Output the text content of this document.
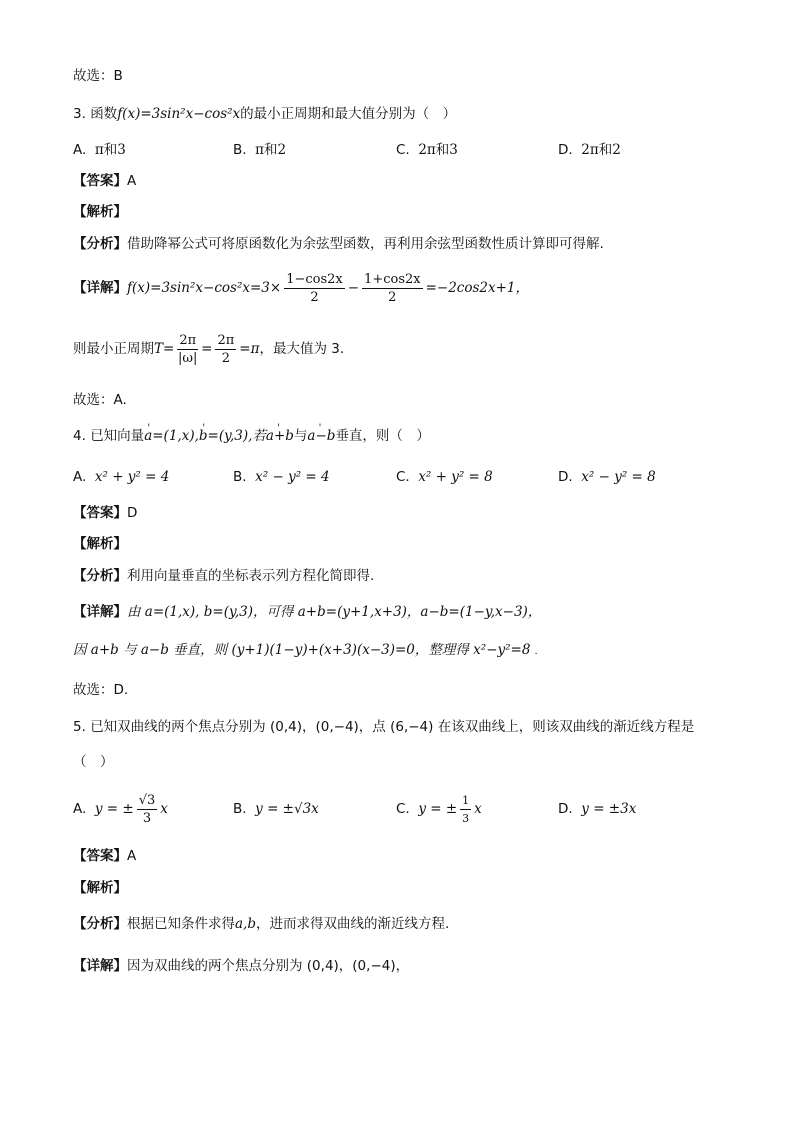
故选：B
3. 函数f(x)=3sin²x−cos²x的最小正周期和最大值分别为（　）
A. π和3	B. π和2	C. 2π和3	D. 2π和2
【答案】A
【解析】
【分析】借助降幂公式可将原函数化为余弦型函数，再利用余弦型函数性质计算即可得解.
【详解】$f(x)=3\sin^2x-\cos^2x=3\times \frac{1-\cos 2x}{2} - \frac{1+\cos 2x}{2} =-2\cos 2x+1$，
则最小正周期$T= \frac{2\pi}{|\omega|} = \frac{2\pi}{2} =\pi$，最大值为 3.
故选：A.
4. 已知向量' a=(1,x),' b=(y,3),若' a+b与' a−b垂直，则（　）
A. x² + y² = 4	B. x² − y² = 4	C. x² + y² = 8	D. x² − y² = 8
【答案】D
【解析】
【分析】利用向量垂直的坐标表示列方程化简即得.
【详解】由 a=(1,x), b=(y,3)，可得 a+b=(y+1,x+3)，a−b=(1−y,x−3)，
因 a+b 与 a−b 垂直，则 (y+1)(1−y)+(x+3)(x−3)=0，整理得 x²−y²=8 .
故选：D.
5. 已知双曲线的两个焦点分别为 (0,4)，(0,−4)，点 (6,−4) 在该双曲线上，则该双曲线的渐近线方程是
（　）
A. y = ± $\frac{√3}{3}$ x	B. y = ±√3x	C. y = ± $\frac{1}{3}$ x	D. y = ±3x
【答案】A
【解析】
【分析】根据已知条件求得a,b，进而求得双曲线的渐近线方程.
【详解】因为双曲线的两个焦点分别为 (0,4)，(0,−4)，
